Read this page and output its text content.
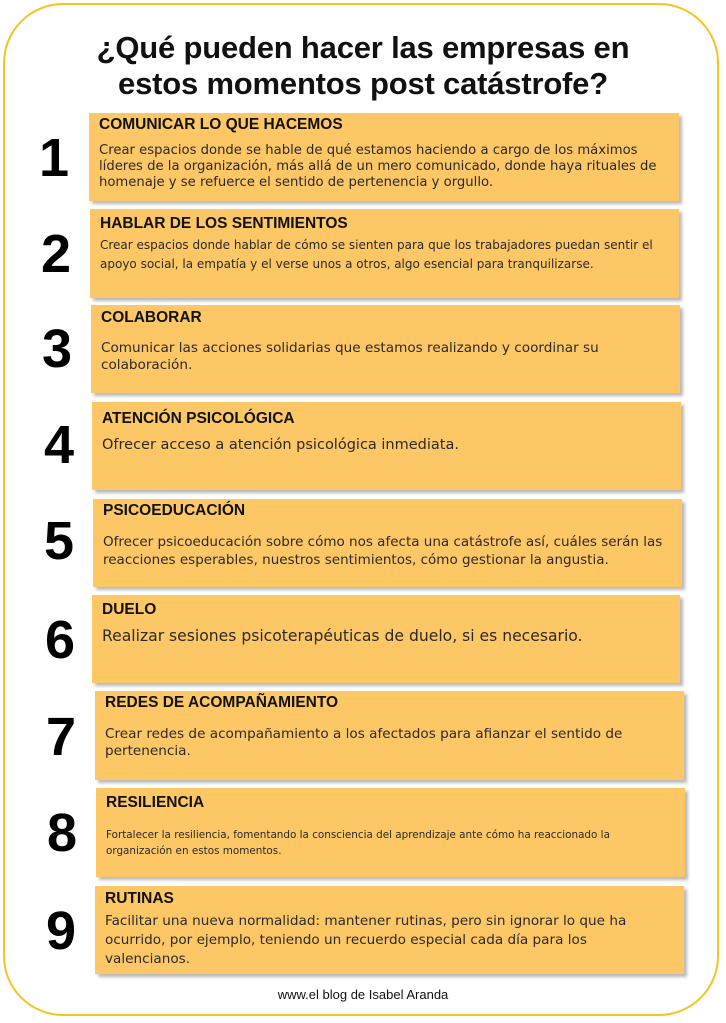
¿Qué pueden hacer las empresas en
estos momentos post catástrofe?
1
COMUNICAR LO QUE HACEMOS
Crear espacios donde se hable de qué estamos haciendo a cargo de los máximos líderes de la organización, más allá de un mero comunicado, donde haya rituales de homenaje y se refuerce el sentido de pertenencia y orgullo.
2
HABLAR DE LOS SENTIMIENTOS
Crear espacios donde hablar de cómo se sienten para que los trabajadores puedan sentir el apoyo social, la empatía y el verse unos a otros, algo esencial para tranquilizarse.
3
COLABORAR
Comunicar las acciones solidarias que estamos realizando y coordinar su colaboración.
4	ATENCIÓN PSICOLÓGICA
Ofrecer acceso a atención psicológica inmediata.
5
PSICOEDUCACIÓN
Ofrecer psicoeducación sobre cómo nos afecta una catástrofe así, cuáles serán las reacciones esperables, nuestros sentimientos, cómo gestionar la angustia.
6
DUELO
Realizar sesiones psicoterapéuticas de duelo, si es necesario.
7
REDES DE ACOMPAÑAMIENTO
Crear redes de acompañamiento a los afectados para afianzar el sentido de pertenencia.
8
RESILIENCIA
Fortalecer la resiliencia, fomentando la consciencia del aprendizaje ante cómo ha reaccionado la organización en estos momentos.
9
RUTINAS
Facilitar una nueva normalidad: mantener rutinas, pero sin ignorar lo que ha ocurrido, por ejemplo, teniendo un recuerdo especial cada día para los valencianos.
www.el blog de Isabel Aranda
